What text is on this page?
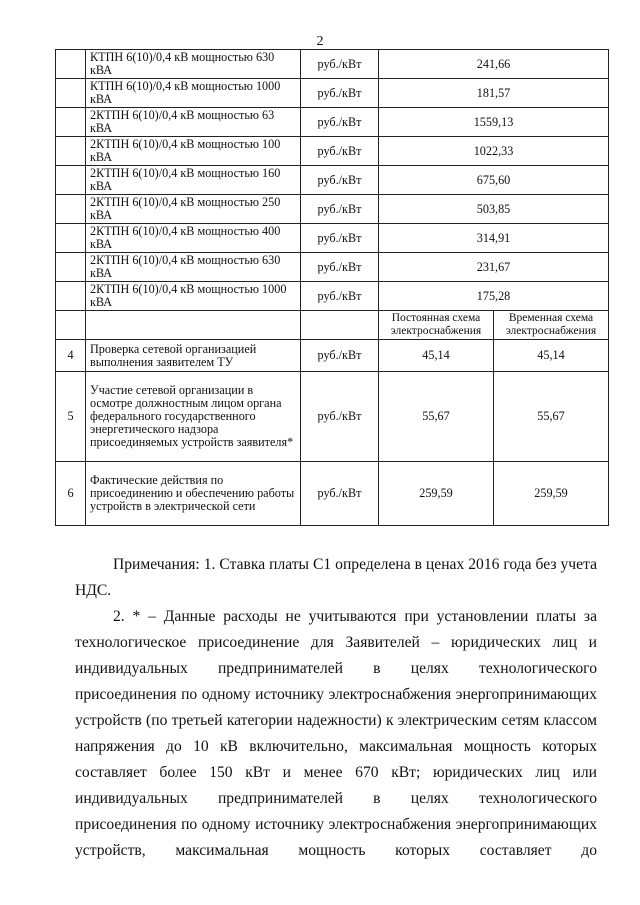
2
	КТПН 6(10)/0,4 кВ мощностью 630 кВА	руб./кВт	241,66	
	КТПН 6(10)/0,4 кВ мощностью 1000 кВА	руб./кВт	181,57	
	2КТПН 6(10)/0,4 кВ мощностью 63 кВА	руб./кВт	1559,13	
	2КТПН 6(10)/0,4 кВ мощностью 100 кВА	руб./кВт	1022,33	
	2КТПН 6(10)/0,4 кВ мощностью 160 кВА	руб./кВт	675,60	
	2КТПН 6(10)/0,4 кВ мощностью 250 кВА	руб./кВт	503,85	
	2КТПН 6(10)/0,4 кВ мощностью 400 кВА	руб./кВт	314,91	
	2КТПН 6(10)/0,4 кВ мощностью 630 кВА	руб./кВт	231,67	
	2КТПН 6(10)/0,4 кВ мощностью 1000 кВА	руб./кВт	175,28	
			Постоянная схема электроснабжения	Временная схема электроснабжения
4	Проверка сетевой организацией выполнения заявителем ТУ	руб./кВт	45,14	45,14
5	Участие сетевой организации в осмотре должностным лицом органа федерального государственного энергетического надзора присоединяемых устройств заявителя*	руб./кВт	55,67	55,67
6	Фактические действия по присоединению и обеспечению работы устройств в электрической сети	руб./кВт	259,59	259,59

Примечания: 1. Ставка платы С1 определена в ценах 2016 года без учета НДС.

2. * – Данные расходы не учитываются при установлении платы за технологическое присоединение для Заявителей – юридических лиц и индивидуальных предпринимателей в целях технологического присоединения по одному источнику электроснабжения энергопринимающих устройств (по третьей категории надежности) к электрическим сетям классом напряжения до 10 кВ включительно, максимальная мощность которых составляет более 150 кВт и менее 670 кВт; юридических лиц или индивидуальных предпринимателей в целях технологического присоединения по одному источнику электроснабжения энергопринимающих устройств, максимальная мощность которых составляет до
